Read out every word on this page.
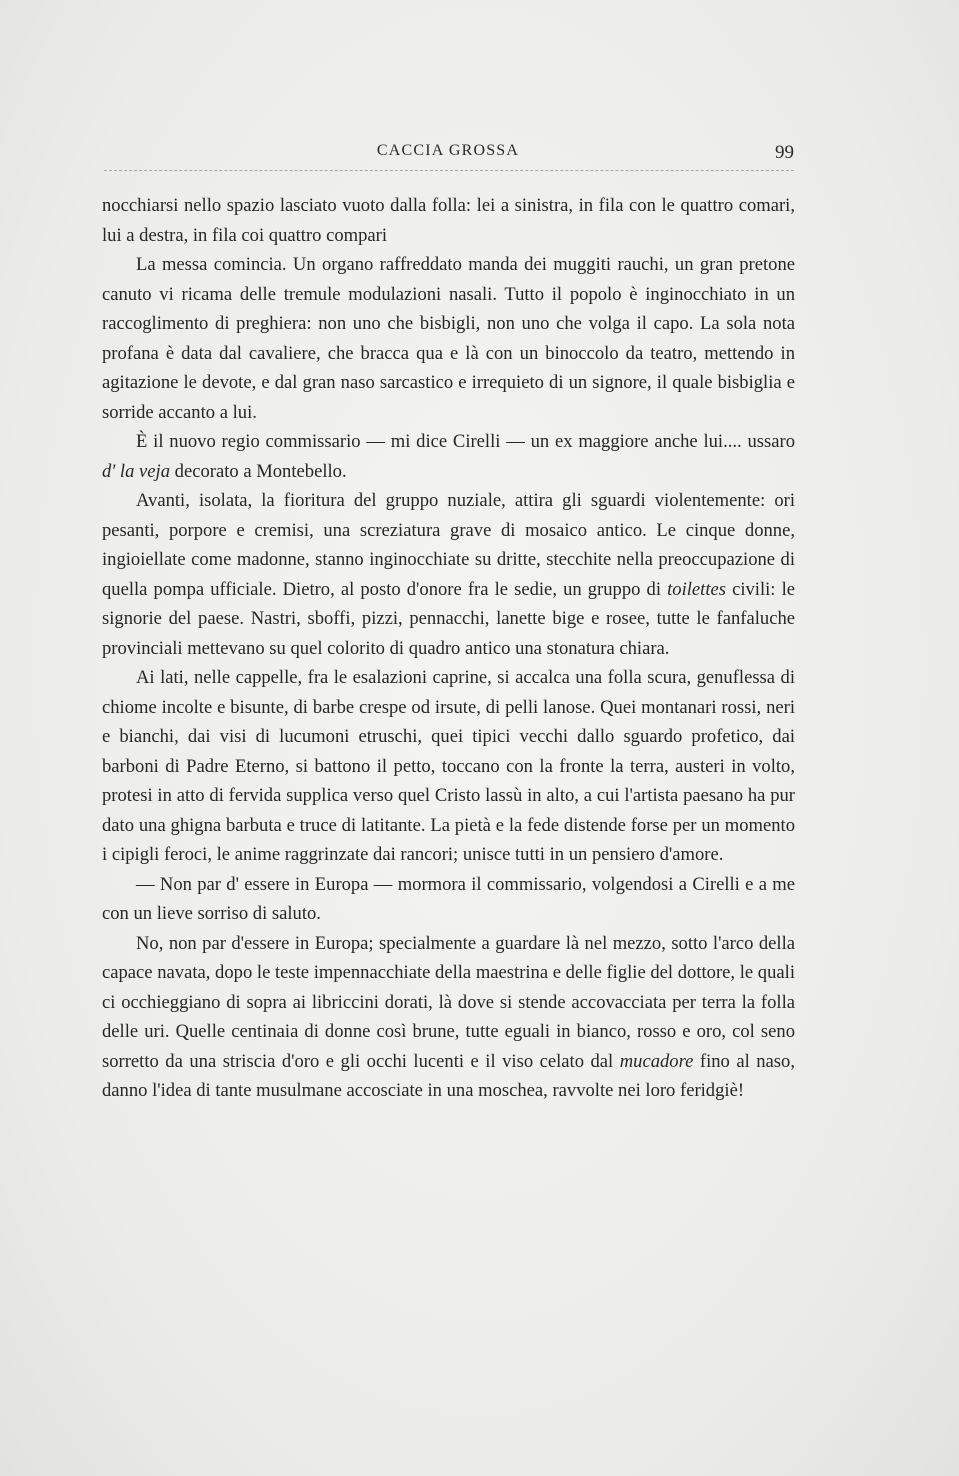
CACCIA GROSSA	99

nocchiarsi nello spazio lasciato vuoto dalla folla: lei a sinistra, in fila con le quattro comari, lui a destra, in fila coi quattro compari

La messa comincia. Un organo raffreddato manda dei muggiti rauchi, un gran pretone canuto vi ricama delle tremule modulazioni nasali. Tutto il popolo è inginocchiato in un raccoglimento di preghiera: non uno che bisbigli, non uno che volga il capo. La sola nota profana è data dal cavaliere, che bracca qua e là con un binoccolo da teatro, mettendo in agitazione le devote, e dal gran naso sarcastico e irrequieto di un signore, il quale bisbiglia e sorride accanto a lui.

È il nuovo regio commissario — mi dice Cirelli — un ex maggiore anche lui.... ussaro d' la veja decorato a Montebello.

Avanti, isolata, la fioritura del gruppo nuziale, attira gli sguardi violentemente: ori pesanti, porpore e cremisi, una screziatura grave di mosaico antico. Le cinque donne, ingioiellate come madonne, stanno inginocchiate su dritte, stecchite nella preoccupazione di quella pompa ufficiale. Dietro, al posto d'onore fra le sedie, un gruppo di toilettes civili: le signorie del paese. Nastri, sboffi, pizzi, pennacchi, lanette bige e rosee, tutte le fanfaluche provinciali mettevano su quel colorito di quadro antico una stonatura chiara.

Ai lati, nelle cappelle, fra le esalazioni caprine, si accalca una folla scura, genuflessa di chiome incolte e bisunte, di barbe crespe od irsute, di pelli lanose. Quei montanari rossi, neri e bianchi, dai visi di lucumoni etruschi, quei tipici vecchi dallo sguardo profetico, dai barboni di Padre Eterno, si battono il petto, toccano con la fronte la terra, austeri in volto, protesi in atto di fervida supplica verso quel Cristo lassù in alto, a cui l'artista paesano ha pur dato una ghigna barbuta e truce di latitante. La pietà e la fede distende forse per un momento i cipigli feroci, le anime raggrinzate dai rancori; unisce tutti in un pensiero d'amore.

— Non par d' essere in Europa — mormora il commissario, volgendosi a Cirelli e a me con un lieve sorriso di saluto.

No, non par d'essere in Europa; specialmente a guardare là nel mezzo, sotto l'arco della capace navata, dopo le teste impennacchiate della maestrina e delle figlie del dottore, le quali ci occhieggiano di sopra ai libriccini dorati, là dove si stende accovacciata per terra la folla delle uri. Quelle centinaia di donne così brune, tutte eguali in bianco, rosso e oro, col seno sorretto da una striscia d'oro e gli occhi lucenti e il viso celato dal mucadore fino al naso, danno l'idea di tante musulmane accosciate in una moschea, ravvolte nei loro feridgiè!
